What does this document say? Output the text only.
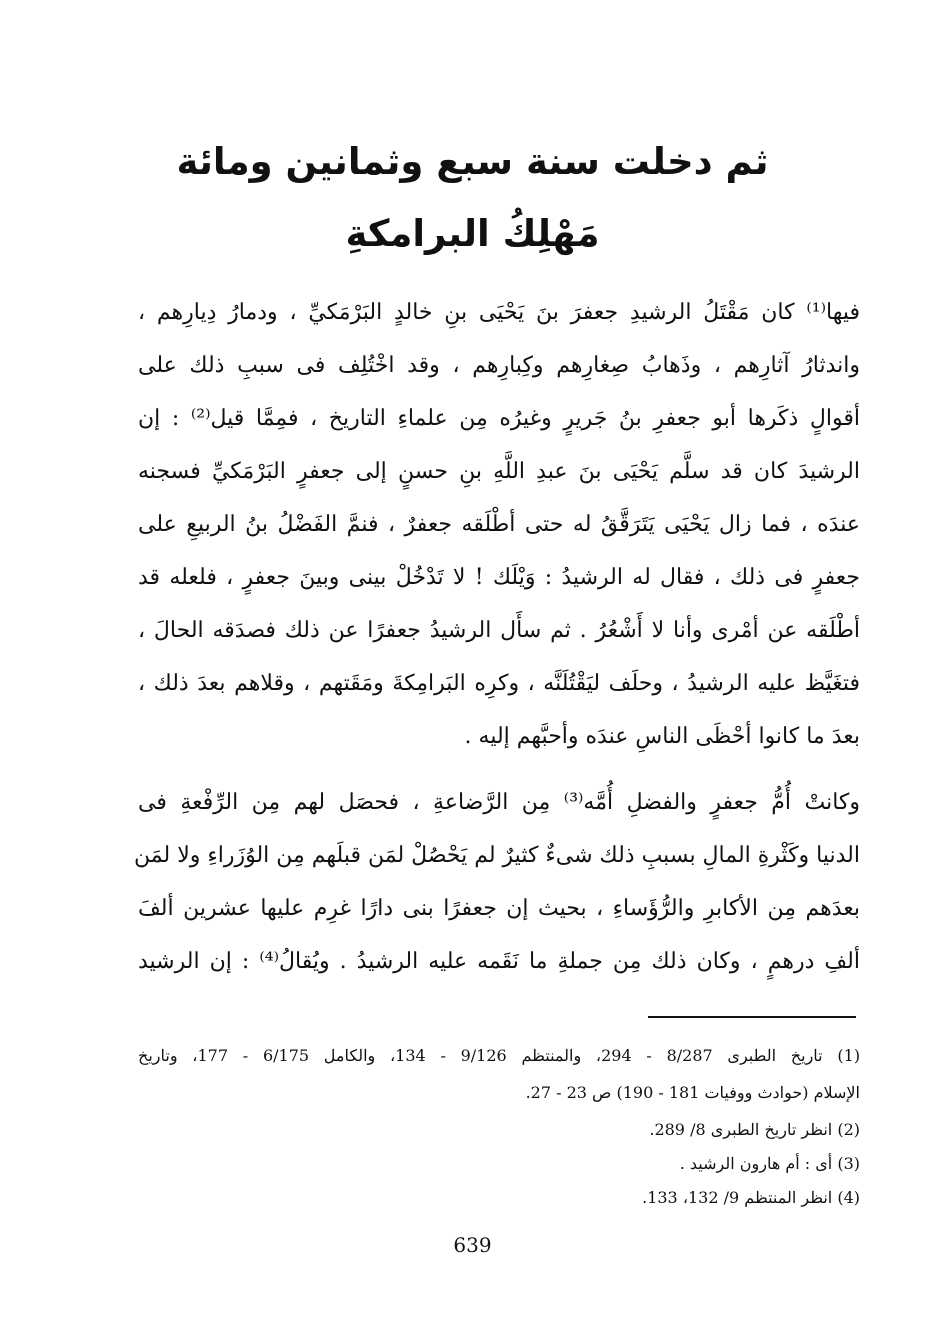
ثم دخلت سنة سبع وثمانين ومائة
مَهْلِكُ البرامكةِ
فيها⁽¹⁾ كان مَقْتَلُ الرشيدِ جعفرَ بنَ يَحْيَى بنِ خالدٍ البَرْمَكيِّ ، ودمارُ دِيارِهم ،
واندثارُ آثارِهم ، وذَهابُ صِغارِهم وكِبارِهم ، وقد اخْتُلِف فى سببِ ذلك على
أقوالٍ ذكَرها أبو جعفرِ بنُ جَريرٍ وغيرُه مِن علماءِ التاريخ ، فمِمَّا قيل⁽²⁾ : إن
الرشيدَ كان قد سلَّم يَحْيَى بنَ عبدِ اللَّهِ بنِ حسنٍ إلى جعفرٍ البَرْمَكيِّ فسجنه
عندَه ، فما زال يَحْيَى يَتَرَقَّقُ له حتى أطْلَقه جعفرٌ ، فنمَّ الفَضْلُ بنُ الربيعِ على
جعفرٍ فى ذلك ، فقال له الرشيدُ : وَيْلَك ! لا تَدْخُلْ بينى وبينَ جعفرٍ ، فلعله قد
أطْلَقه عن أمْرى وأنا لا أَشْعُرُ . ثم سأَل الرشيدُ جعفرًا عن ذلك فصدَقه الحالَ ،
فتغَيَّظ عليه الرشيدُ ، وحلَف ليَقْتُلَنَّه ، وكرِه البَرامِكةَ ومَقَتهم ، وقلاهم بعدَ ذلك ،
بعدَ ما كانوا أحْظَى الناسِ عندَه وأحبَّهم إليه .
وكانتْ أُمُّ جعفرٍ والفضلِ أُمَّه⁽³⁾ مِن الرَّضاعةِ ، فحصَل لهم مِن الرِّفْعةِ فى
الدنيا وكَثْرةِ المالِ بسببِ ذلك شىءٌ كثيرٌ لم يَحْصُلْ لمَن قبلَهم مِن الوُزَراءِ ولا لمَن
بعدَهم مِن الأكابرِ والرُّؤَساءِ ، بحيث إن جعفرًا بنى دارًا غرِم عليها عشرين ألفَ
ألفِ درهمٍ ، وكان ذلك مِن جملةِ ما نَقَمه عليه الرشيدُ . ويُقالُ⁽⁴⁾ : إن الرشيد
(1) تاريخ الطبرى 8/287 - 294، والمنتظم 9/126 - 134، والكامل 6/175 - 177، وتاريخ
الإسلام (حوادث ووفيات 181 - 190) ص 23 - 27.
(2) انظر تاريخ الطبرى 8/ 289.
(3) أى : أم هارون الرشيد .
(4) انظر المنتظم 9/ 132، 133.
639
